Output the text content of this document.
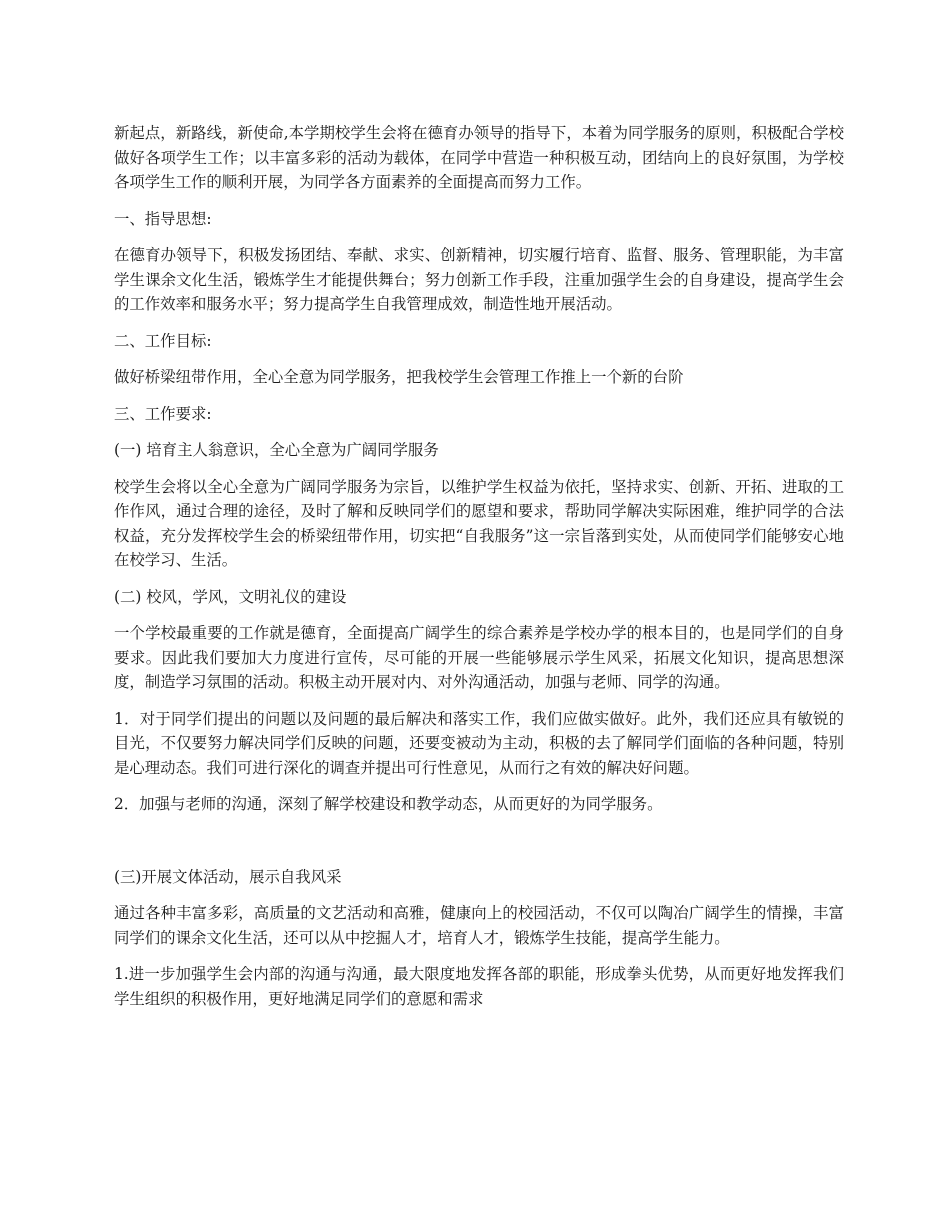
新起点，新路线，新使命,本学期校学生会将在德育办领导的指导下，本着为同学服务的原则，积极配合学校做好各项学生工作；以丰富多彩的活动为载体，在同学中营造一种积极互动，团结向上的良好氛围，为学校各项学生工作的顺利开展，为同学各方面素养的全面提高而努力工作。

一、指导思想:

在德育办领导下，积极发扬团结、奉献、求实、创新精神，切实履行培育、监督、服务、管理职能，为丰富学生课余文化生活，锻炼学生才能提供舞台；努力创新工作手段，注重加强学生会的自身建设，提高学生会的工作效率和服务水平；努力提高学生自我管理成效，制造性地开展活动。

二、工作目标:

做好桥梁纽带作用，全心全意为同学服务，把我校学生会管理工作推上一个新的台阶

三、工作要求:

(一) 培育主人翁意识，全心全意为广阔同学服务

校学生会将以全心全意为广阔同学服务为宗旨，以维护学生权益为依托，坚持求实、创新、开拓、进取的工作作风，通过合理的途径，及时了解和反映同学们的愿望和要求，帮助同学解决实际困难，维护同学的合法权益，充分发挥校学生会的桥梁纽带作用，切实把“自我服务”这一宗旨落到实处，从而使同学们能够安心地在校学习、生活。

(二) 校风，学风，文明礼仪的建设

一个学校最重要的工作就是德育，全面提高广阔学生的综合素养是学校办学的根本目的，也是同学们的自身要求。因此我们要加大力度进行宣传，尽可能的开展一些能够展示学生风采，拓展文化知识，提高思想深度，制造学习氛围的活动。积极主动开展对内、对外沟通活动，加强与老师、同学的沟通。

1．对于同学们提出的问题以及问题的最后解决和落实工作，我们应做实做好。此外，我们还应具有敏锐的目光，不仅要努力解决同学们反映的问题，还要变被动为主动，积极的去了解同学们面临的各种问题，特别是心理动态。我们可进行深化的调查并提出可行性意见，从而行之有效的解决好问题。

2．加强与老师的沟通，深刻了解学校建设和教学动态，从而更好的为同学服务。

(三)开展文体活动，展示自我风采

通过各种丰富多彩，高质量的文艺活动和高雅，健康向上的校园活动，不仅可以陶冶广阔学生的情操，丰富同学们的课余文化生活，还可以从中挖掘人才，培育人才，锻炼学生技能，提高学生能力。

1.进一步加强学生会内部的沟通与沟通，最大限度地发挥各部的职能，形成拳头优势，从而更好地发挥我们学生组织的积极作用，更好地满足同学们的意愿和需求
